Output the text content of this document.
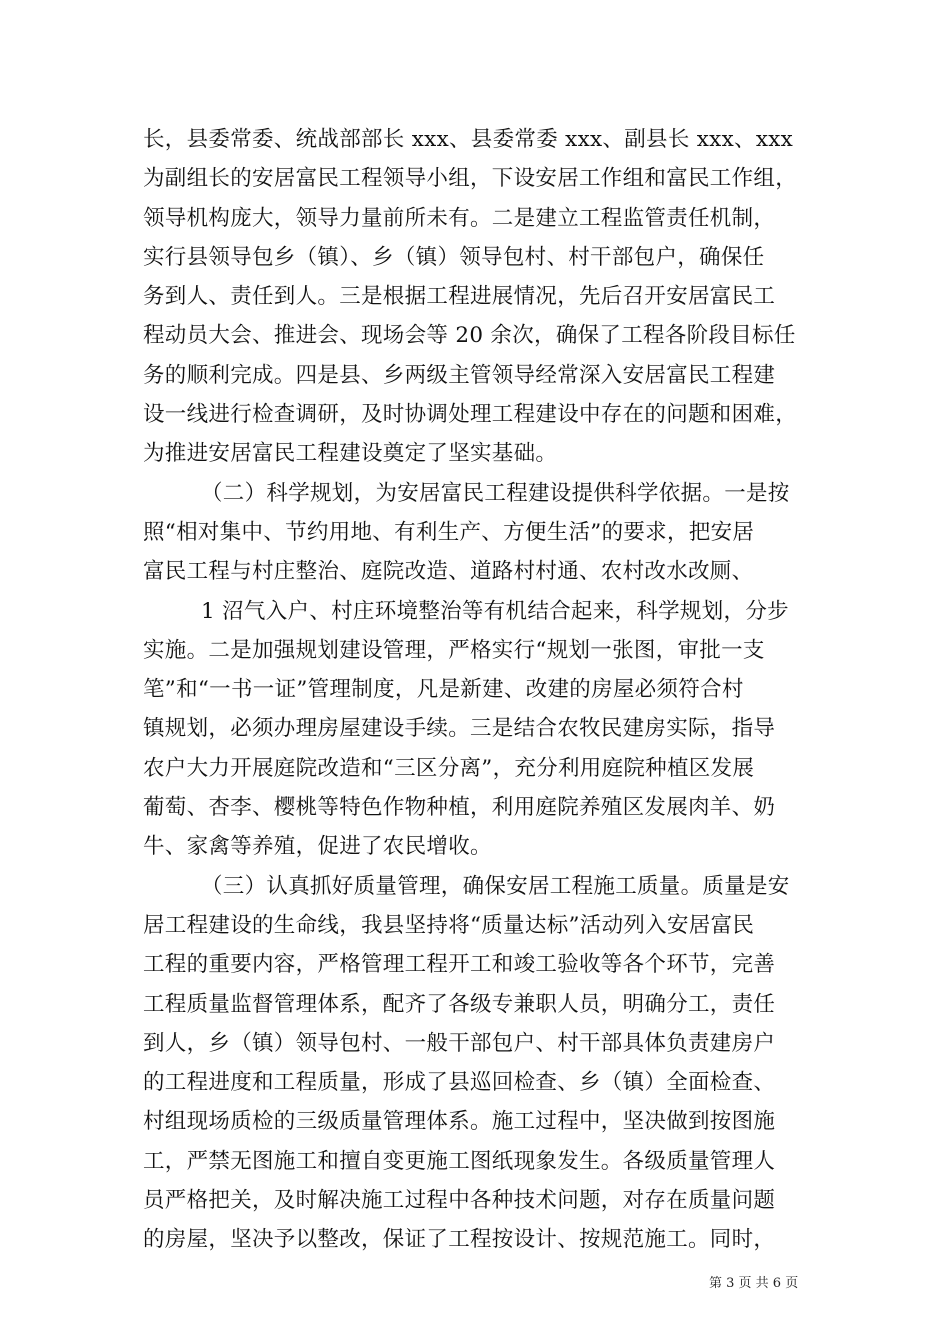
长，县委常委、统战部部长 xxx、县委常委 xxx、副县长 xxx、xxx
为副组长的安居富民工程领导小组，下设安居工作组和富民工作组，
领导机构庞大，领导力量前所未有。二是建立工程监管责任机制，
实行县领导包乡（镇）、乡（镇）领导包村、村干部包户，确保任
务到人、责任到人。三是根据工程进展情况，先后召开安居富民工
程动员大会、推进会、现场会等 20 余次，确保了工程各阶段目标任
务的顺利完成。四是县、乡两级主管领导经常深入安居富民工程建
设一线进行检查调研，及时协调处理工程建设中存在的问题和困难，
为推进安居富民工程建设奠定了坚实基础。
（二）科学规划，为安居富民工程建设提供科学依据。一是按
照“相对集中、节约用地、有利生产、方便生活”的要求，把安居
富民工程与村庄整治、庭院改造、道路村村通、农村改水改厕、
1 沼气入户、村庄环境整治等有机结合起来，科学规划，分步
实施。二是加强规划建设管理，严格实行“规划一张图，审批一支
笔”和“一书一证”管理制度，凡是新建、改建的房屋必须符合村
镇规划，必须办理房屋建设手续。三是结合农牧民建房实际，指导
农户大力开展庭院改造和“三区分离”，充分利用庭院种植区发展
葡萄、杏李、樱桃等特色作物种植，利用庭院养殖区发展肉羊、奶
牛、家禽等养殖，促进了农民增收。
（三）认真抓好质量管理，确保安居工程施工质量。质量是安
居工程建设的生命线，我县坚持将“质量达标”活动列入安居富民
工程的重要内容，严格管理工程开工和竣工验收等各个环节，完善
工程质量监督管理体系，配齐了各级专兼职人员，明确分工，责任
到人，乡（镇）领导包村、一般干部包户、村干部具体负责建房户
的工程进度和工程质量，形成了县巡回检查、乡（镇）全面检查、
村组现场质检的三级质量管理体系。施工过程中，坚决做到按图施
工，严禁无图施工和擅自变更施工图纸现象发生。各级质量管理人
员严格把关，及时解决施工过程中各种技术问题，对存在质量问题
的房屋，坚决予以整改，保证了工程按设计、按规范施工。同时，
第 3 页 共 6 页
